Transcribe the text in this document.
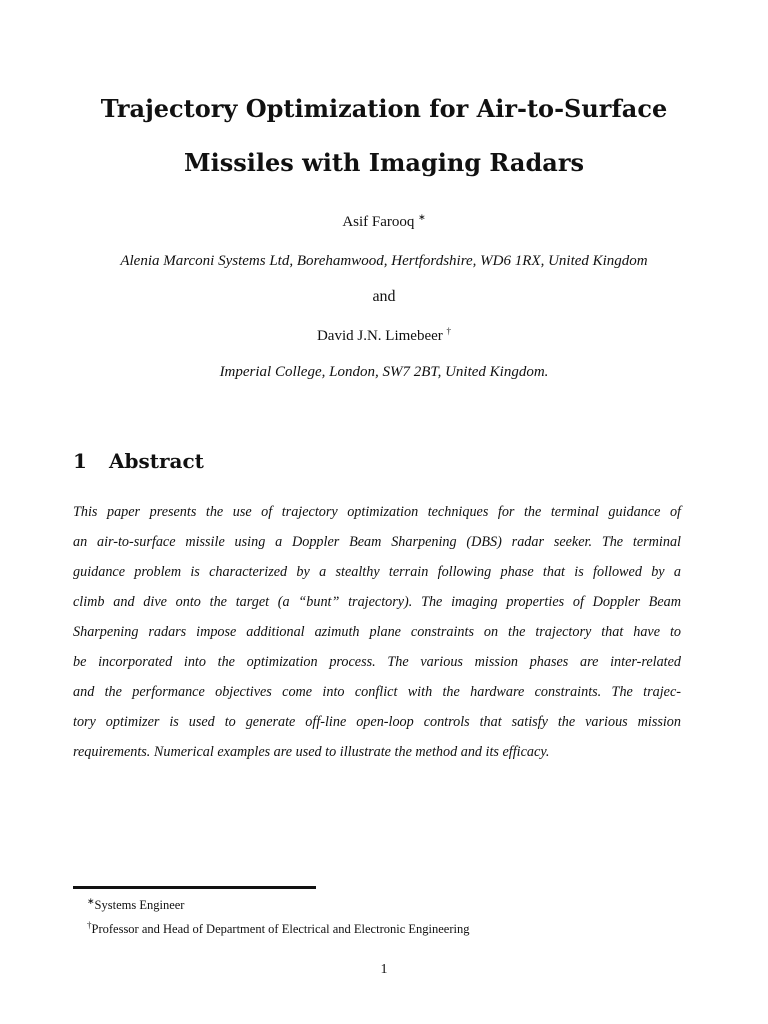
Trajectory Optimization for Air-to-Surface
Missiles with Imaging Radars
Asif Farooq ∗
Alenia Marconi Systems Ltd, Borehamwood, Hertfordshire, WD6 1RX, United Kingdom
and
David J.N. Limebeer †
Imperial College, London, SW7 2BT, United Kingdom.
1 Abstract
This paper presents the use of trajectory optimization techniques for the terminal guidance of
an air-to-surface missile using a Doppler Beam Sharpening (DBS) radar seeker. The terminal
guidance problem is characterized by a stealthy terrain following phase that is followed by a
climb and dive onto the target (a “bunt” trajectory). The imaging properties of Doppler Beam
Sharpening radars impose additional azimuth plane constraints on the trajectory that have to
be incorporated into the optimization process. The various mission phases are inter-related
and the performance objectives come into conflict with the hardware constraints. The trajec-
tory optimizer is used to generate off-line open-loop controls that satisfy the various mission
requirements. Numerical examples are used to illustrate the method and its efficacy.
∗Systems Engineer
†Professor and Head of Department of Electrical and Electronic Engineering
1
